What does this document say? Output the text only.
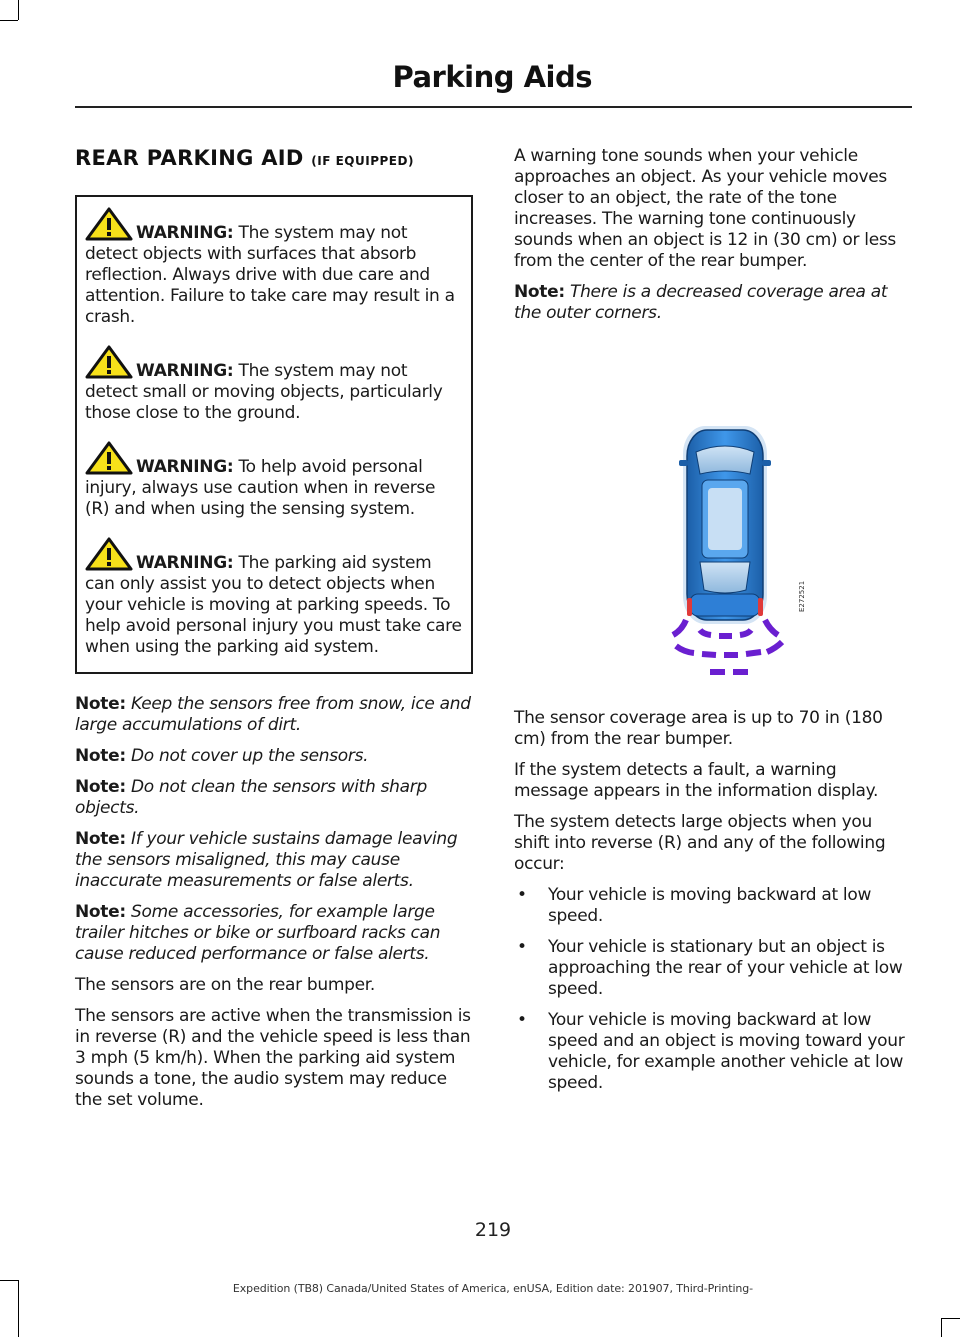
Parking Aids
REAR PARKING AID (IF EQUIPPED)

WARNING: The system may not detect objects with surfaces that absorb reflection. Always drive with due care and attention. Failure to take care may result in a crash.

WARNING: The system may not detect small or moving objects, particularly those close to the ground.

WARNING: To help avoid personal injury, always use caution when in reverse (R) and when using the sensing system.

WARNING: The parking aid system can only assist you to detect objects when your vehicle is moving at parking speeds. To help avoid personal injury you must take care when using the parking aid system.

Note: Keep the sensors free from snow, ice and large accumulations of dirt.

Note: Do not cover up the sensors.

Note: Do not clean the sensors with sharp objects.

Note: If your vehicle sustains damage leaving the sensors misaligned, this may cause inaccurate measurements or false alerts.

Note: Some accessories, for example large trailer hitches or bike or surfboard racks can cause reduced performance or false alerts.

The sensors are on the rear bumper.

The sensors are active when the transmission is in reverse (R) and the vehicle speed is less than 3 mph (5 km/h). When the parking aid system sounds a tone, the audio system may reduce the set volume.

A warning tone sounds when your vehicle approaches an object. As your vehicle moves closer to an object, the rate of the tone increases. The warning tone continuously sounds when an object is 12 in (30 cm) or less from the center of the rear bumper.

Note: There is a decreased coverage area at the outer corners.

E272521

The sensor coverage area is up to 70 in (180 cm) from the rear bumper.

If the system detects a fault, a warning message appears in the information display.

The system detects large objects when you shift into reverse (R) and any of the following occur:

• Your vehicle is moving backward at low speed.
• Your vehicle is stationary but an object is approaching the rear of your vehicle at low speed.
• Your vehicle is moving backward at low speed and an object is moving toward your vehicle, for example another vehicle at low speed.
219
Expedition (TB8) Canada/United States of America, enUSA, Edition date: 201907, Third-Printing-
